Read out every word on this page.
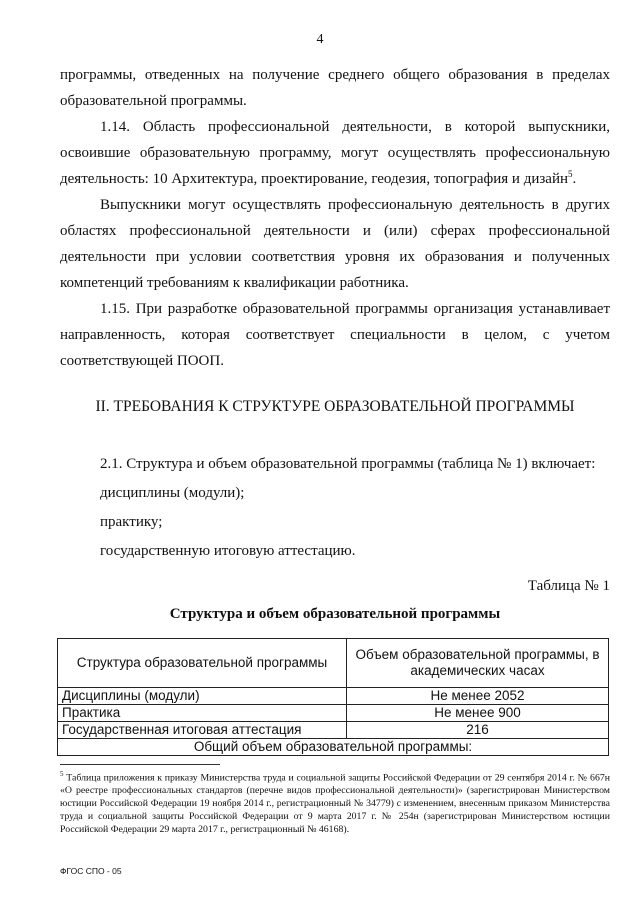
4

программы, отведенных на получение среднего общего образования в пределах образовательной программы.

1.14. Область профессиональной деятельности, в которой выпускники, освоившие образовательную программу, могут осуществлять профессиональную деятельность: 10 Архитектура, проектирование, геодезия, топография и дизайн$^5$.

Выпускники могут осуществлять профессиональную деятельность в других областях профессиональной деятельности и (или) сферах профессиональной деятельности при условии соответствия уровня их образования и полученных компетенций требованиям к квалификации работника.

1.15. При разработке образовательной программы организация устанавливает направленность, которая соответствует специальности в целом, с учетом соответствующей ПООП.

II. ТРЕБОВАНИЯ К СТРУКТУРЕ ОБРАЗОВАТЕЛЬНОЙ ПРОГРАММЫ
2.1. Структура и объем образовательной программы (таблица № 1) включает:
дисциплины (модули);
практику;
государственную итоговую аттестацию.
Таблица № 1
Структура и объем образовательной программы
Структура образовательной программы	Объем образовательной программы, в академических часах
Дисциплины (модули)	Не менее 2052
Практика	Не менее 900
Государственная итоговая аттестация	216
Общий объем образовательной программы:	
$^5$ Таблица приложения к приказу Министерства труда и социальной защиты Российской Федерации от 29 сентября 2014 г. № 667н «О реестре профессиональных стандартов (перечне видов профессиональной деятельности)» (зарегистрирован Министерством юстиции Российской Федерации 19 ноября 2014 г., регистрационный № 34779) с изменением, внесенным приказом Министерства труда и социальной защиты Российской Федерации от 9 марта 2017 г. № 254н (зарегистрирован Министерством юстиции Российской Федерации 29 марта 2017 г., регистрационный № 46168).
ФГОС СПО - 05
